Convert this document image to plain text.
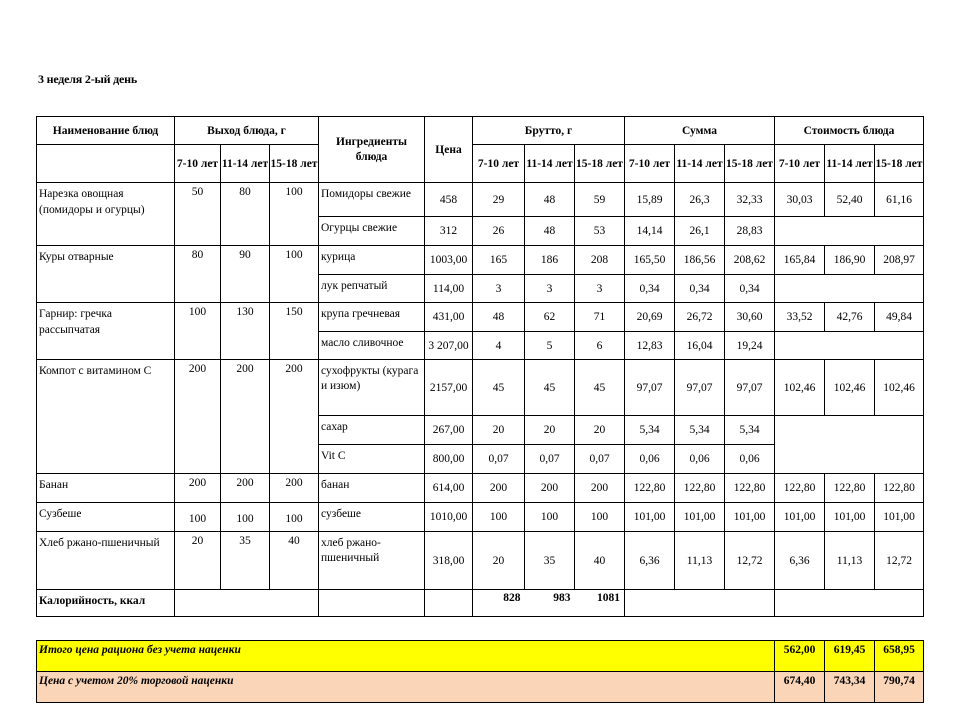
3 неделя 2-ый день
Наименование блюд	Выход блюда, г			Ингредиенты блюда	Цена	Брутто, г			Сумма			Стоимость блюда		
	7-10 лет	11-14 лет	15-18 лет			7-10 лет	11-14 лет	15-18 лет	7-10 лет	11-14 лет	15-18 лет	7-10 лет	11-14 лет	15-18 лет
Нарезка овощная (помидоры и огурцы)	50	80	100	Помидоры свежие	458	29	48	59	15,89	26,3	32,33	30,03	52,40	61,16
				Огурцы свежие	312	26	48	53	14,14	26,1	28,83			
Куры отварные	80	90	100	курица	1003,00	165	186	208	165,50	186,56	208,62	165,84	186,90	208,97
				лук репчатый	114,00	3	3	3	0,34	0,34	0,34			
Гарнир: гречка рассыпчатая	100	130	150	крупа гречневая	431,00	48	62	71	20,69	26,72	30,60	33,52	42,76	49,84
				масло сливочное	3 207,00	4	5	6	12,83	16,04	19,24			
Компот с витамином С	200	200	200	сухофрукты (курага и изюм)	2157,00	45	45	45	97,07	97,07	97,07	102,46	102,46	102,46
				сахар	267,00	20	20	20	5,34	5,34	5,34			
				Vit C	800,00	0,07	0,07	0,07	0,06	0,06	0,06			
Банан	200	200	200	банан	614,00	200	200	200	122,80	122,80	122,80	122,80	122,80	122,80
Сузбеше	100	100	100	сузбеше	1010,00	100	100	100	101,00	101,00	101,00	101,00	101,00	101,00
Хлеб ржано-пшеничный	20	35	40	хлеб ржано-пшеничный	318,00	20	35	40	6,36	11,13	12,72	6,36	11,13	12,72
Калорийность, ккал						828	983	1081						
Итого цена рациона без учета наценки	562,00	619,45	658,95
Цена с учетом 20% торговой наценки	674,40	743,34	790,74
